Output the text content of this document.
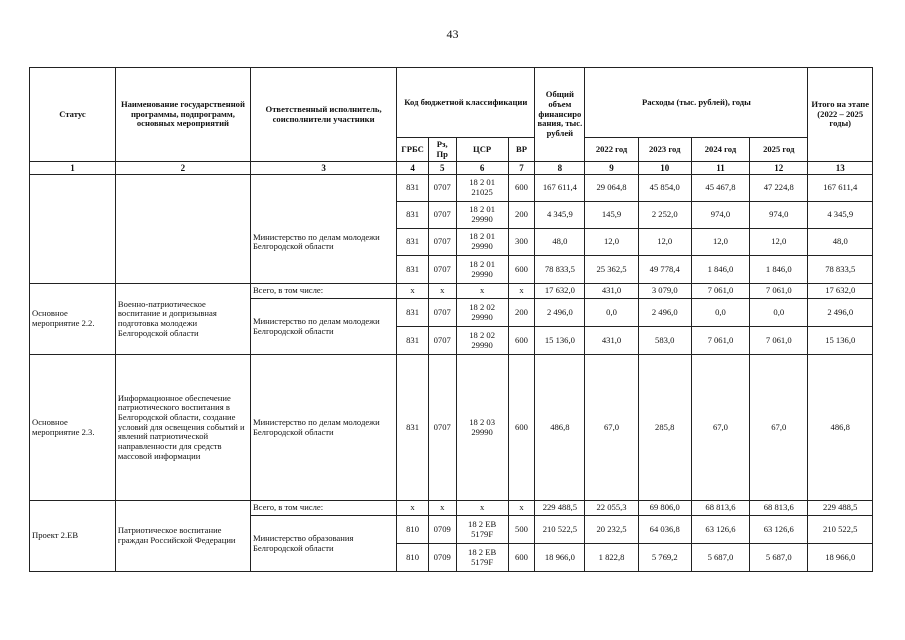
43
Статус	Наименование государственной программы, подпрограмм, основных мероприятий	Ответственный исполнитель, соисполнители участники	Код бюджетной классификации				Общий объем финансиро вания, тыс. рублей	Расходы (тыс. рублей), годы				Итого на этапе (2022 – 2025 годы)
			ГРБС	Рз, Пр	ЦСР	ВР		2022 год	2023 год	2024 год	2025 год	
1	2	3	4	5	6	7	8	9	10	11	12	13
			831	0707	18 2 01 21025	600	167 611,4	29 064,8	45 854,0	45 467,8	47 224,8	167 611,4
		Министерство по делам молодежи Белгородской области	831	0707	18 2 01 29990	200	4 345,9	145,9	2 252,0	974,0	974,0	4 345,9
			831	0707	18 2 01 29990	300	48,0	12,0	12,0	12,0	12,0	48,0
			831	0707	18 2 01 29990	600	78 833,5	25 362,5	49 778,4	1 846,0	1 846,0	78 833,5
Основное мероприятие 2.2.	Военно-патриотическое воспитание и допризывная подготовка молодежи Белгородской области	Всего, в том числе:	х	х	х	х	17 632,0	431,0	3 079,0	7 061,0	7 061,0	17 632,0
		Министерство по делам молодежи Белгородской области	831	0707	18 2 02 29990	200	2 496,0	0,0	2 496,0	0,0	0,0	2 496,0
			831	0707	18 2 02 29990	600	15 136,0	431,0	583,0	7 061,0	7 061,0	15 136,0
Основное мероприятие 2.3.	Информационное обеспечение патриотического воспитания в Белгородской области, создание условий для освещения событий и явлений патриотической направленности для средств массовой информации	Министерство по делам молодежи Белгородской области	831	0707	18 2 03 29990	600	486,8	67,0	285,8	67,0	67,0	486,8
Проект 2.ЕВ	Патриотическое воспитание граждан Российской Федерации	Всего, в том числе:	х	х	х	х	229 488,5	22 055,3	69 806,0	68 813,6	68 813,6	229 488,5
		Министерство образования Белгородской области	810	0709	18 2 ЕВ 5179F	500	210 522,5	20 232,5	64 036,8	63 126,6	63 126,6	210 522,5
			810	0709	18 2 ЕВ 5179F	600	18 966,0	1 822,8	5 769,2	5 687,0	5 687,0	18 966,0
